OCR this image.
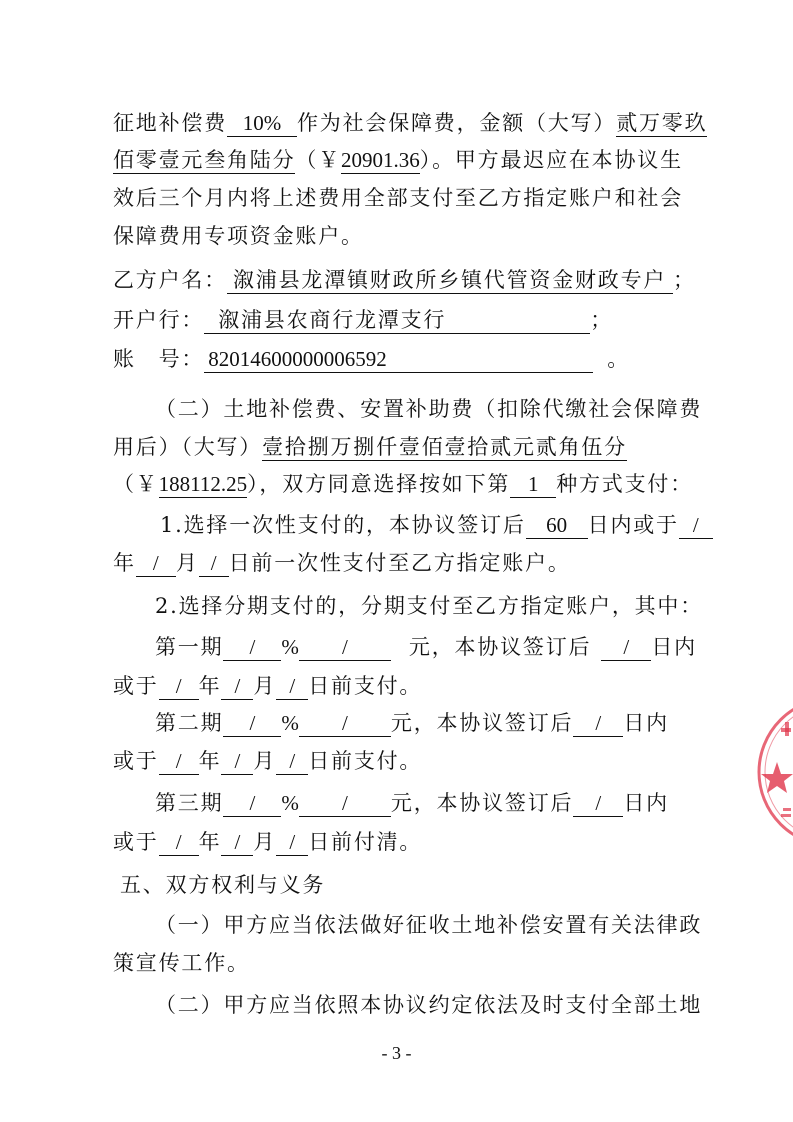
征地补偿费 10% 作为社会保障费，金额（大写）贰万零玖
佰零壹元叁角陆分（￥20901.36）。甲方最迟应在本协议生
效后三个月内将上述费用全部支付至乙方指定账户和社会
保障费用专项资金账户。
乙方户名： 溆浦县龙潭镇财政所乡镇代管资金财政专户 ；
开户行： 溆浦县农商行龙潭支行	；
账　号： 82014600000006592	。
（二）土地补偿费、安置补助费（扣除代缴社会保障费
用后）（大写）壹拾捌万捌仟壹佰壹拾贰元贰角伍分
（￥188112.25），双方同意选择按如下第 1 种方式支付：
1.选择一次性支付的，本协议签订后 60 日内或于 /
年 / 月 / 日前一次性支付至乙方指定账户。
2.选择分期支付的，分期支付至乙方指定账户，其中：
第一期 / % /	元，本协议签订后 / 日内
或于 / 年 / 月 / 日前支付。
第二期 / % / 元，本协议签订后 / 日内
或于 / 年 / 月 / 日前支付。
第三期 / % / 元，本协议签订后 / 日内
或于 / 年 / 月 / 日前付清。
五、双方权利与义务
（一）甲方应当依法做好征收土地补偿安置有关法律政
策宣传工作。
（二）甲方应当依照本协议约定依法及时支付全部土地
- 3 -
